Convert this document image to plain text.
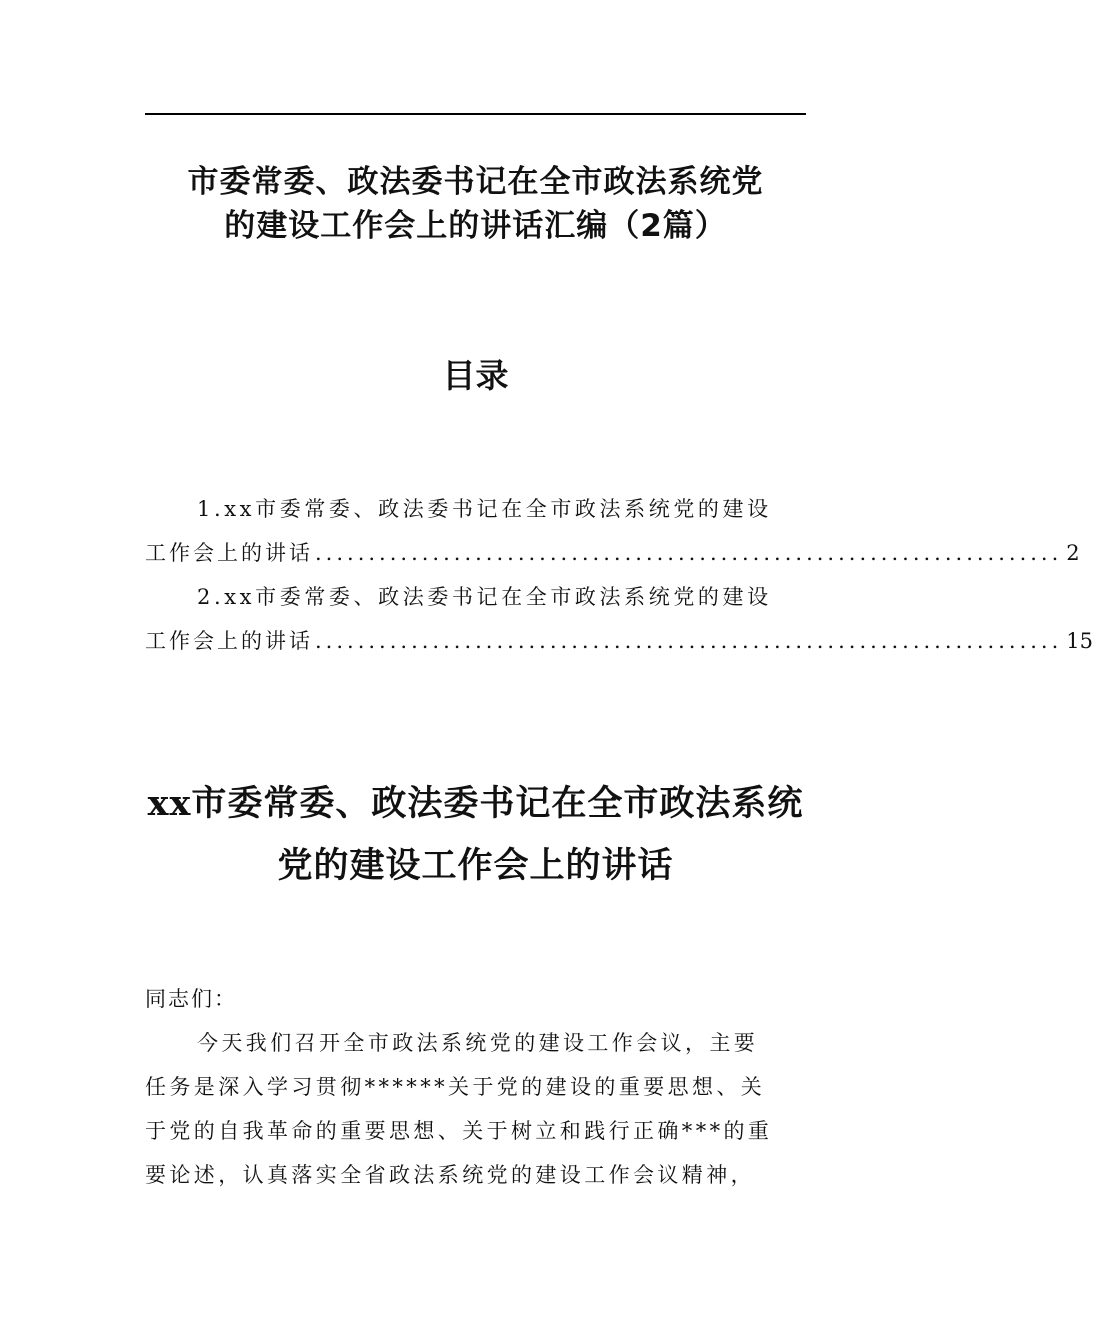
市委常委、政法委书记在全市政法系统党
的建设工作会上的讲话汇编（2篇）
目录
1.xx市委常委、政法委书记在全市政法系统党的建设
工作会上的讲话 ...................................................................... 2
2.xx市委常委、政法委书记在全市政法系统党的建设
工作会上的讲话 ...................................................................... 15
xx市委常委、政法委书记在全市政法系统
党的建设工作会上的讲话
同志们：
今天我们召开全市政法系统党的建设工作会议，主要
任务是深入学习贯彻******关于党的建设的重要思想、关
于党的自我革命的重要思想、关于树立和践行正确***的重
要论述，认真落实全省政法系统党的建设工作会议精神，
